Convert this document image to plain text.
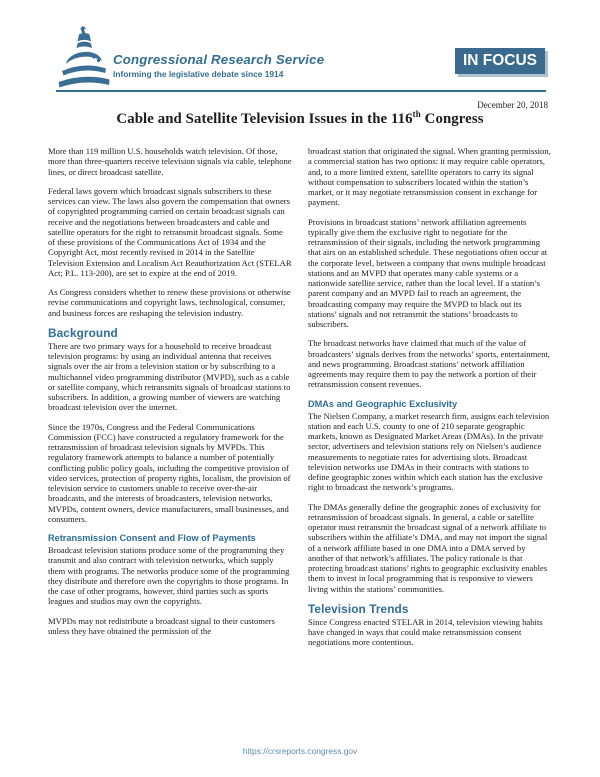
Congressional Research Service
Informing the legislative debate since 1914
IN FOCUS
December 20, 2018
Cable and Satellite Television Issues in the 116th Congress

More than 119 million U.S. households watch television. Of those, more than three-quarters receive television signals via cable, telephone lines, or direct broadcast satellite.

Federal laws govern which broadcast signals subscribers to these services can view. The laws also govern the compensation that owners of copyrighted programming carried on certain broadcast signals can receive and the negotiations between broadcasters and cable and satellite operators for the right to retransmit broadcast signals. Some of these provisions of the Communications Act of 1934 and the Copyright Act, most recently revised in 2014 in the Satellite Television Extension and Localism Act Reauthorization Act (STELAR Act; P.L. 113-200), are set to expire at the end of 2019.

As Congress considers whether to renew these provisions or otherwise revise communications and copyright laws, technological, consumer, and business forces are reshaping the television industry.

Background

There are two primary ways for a household to receive broadcast television programs: by using an individual antenna that receives signals over the air from a television station or by subscribing to a multichannel video programming distributor (MVPD), such as a cable or satellite company, which retransmits signals of broadcast stations to subscribers. In addition, a growing number of viewers are watching broadcast television over the internet.

Since the 1970s, Congress and the Federal Communications Commission (FCC) have constructed a regulatory framework for the retransmission of broadcast television signals by MVPDs. This regulatory framework attempts to balance a number of potentially conflicting public policy goals, including the competitive provision of video services, protection of property rights, localism, the provision of television service to customers unable to receive over-the-air broadcasts, and the interests of broadcasters, television networks, MVPDs, content owners, device manufacturers, small businesses, and consumers.

Retransmission Consent and Flow of Payments

Broadcast television stations produce some of the programming they transmit and also contract with television networks, which supply them with programs. The networks produce some of the programming they distribute and therefore own the copyrights to those programs. In the case of other programs, however, third parties such as sports leagues and studios may own the copyrights.

MVPDs may not redistribute a broadcast signal to their customers unless they have obtained the permission of the

broadcast station that originated the signal. When granting permission, a commercial station has two options: it may require cable operators, and, to a more limited extent, satellite operators to carry its signal without compensation to subscribers located within the station’s market, or it may negotiate retransmission consent in exchange for payment.

Provisions in broadcast stations’ network affiliation agreements typically give them the exclusive right to negotiate for the retransmission of their signals, including the network programming that airs on an established schedule. These negotiations often occur at the corporate level, between a company that owns multiple broadcast stations and an MVPD that operates many cable systems or a nationwide satellite service, rather than the local level. If a station’s parent company and an MVPD fail to reach an agreement, the broadcasting company may require the MVPD to black out its stations’ signals and not retransmit the stations’ broadcasts to subscribers.

The broadcast networks have claimed that much of the value of broadcasters’ signals derives from the networks’ sports, entertainment, and news programming. Broadcast stations’ network affiliation agreements may require them to pay the network a portion of their retransmission consent revenues.

DMAs and Geographic Exclusivity

The Nielsen Company, a market research firm, assigns each television station and each U.S. county to one of 210 separate geographic markets, known as Designated Market Areas (DMAs). In the private sector, advertisers and television stations rely on Nielsen’s audience measurements to negotiate rates for advertising slots. Broadcast television networks use DMAs in their contracts with stations to define geographic zones within which each station has the exclusive right to broadcast the network’s programs.

The DMAs generally define the geographic zones of exclusivity for retransmission of broadcast signals. In general, a cable or satellite operator must retransmit the broadcast signal of a network affiliate to subscribers within the affiliate’s DMA, and may not import the signal of a network affiliate based in one DMA into a DMA served by another of that network’s affiliates. The policy rationale is that protecting broadcast stations’ rights to geographic exclusivity enables them to invest in local programming that is responsive to viewers living within the stations’ communities.

Television Trends

Since Congress enacted STELAR in 2014, television viewing habits have changed in ways that could make retransmission consent negotiations more contentious.

https://crsreports.congress.gov
